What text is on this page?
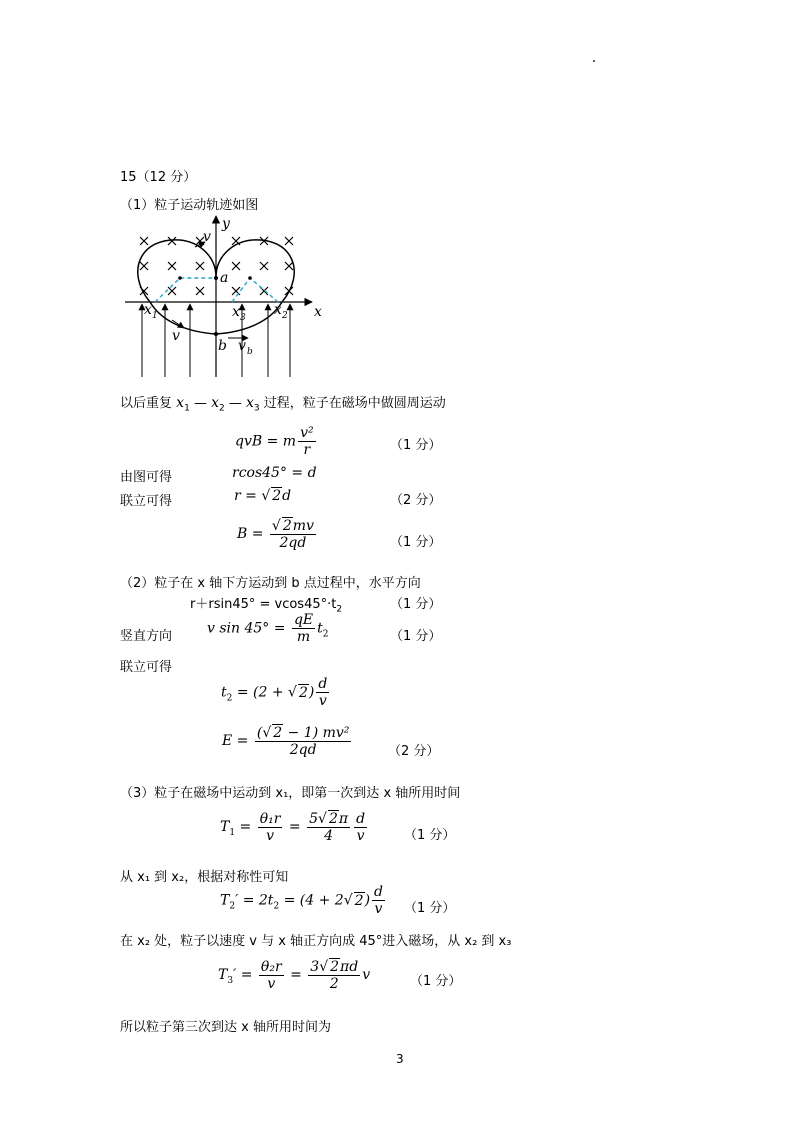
15（12 分）
（1）粒子运动轨迹如图
y
x
v
a
b v b
v
x 1	x 3 x 2
以后重复 $x_1$ — $x_2$ — $x_3$ 过程，粒子在磁场中做圆周运动
qvB = m $\frac{\text{v²}}{r}$	（1 分）
由图可得	rcos45° = d
联立可得	r = √ 2d	（2 分）
$B = \frac{√ 2mv}{2qd}$	（1 分）
（2）粒子在 x 轴下方运动到 b 点过程中，水平方向
$r+rsin45^\circ = vcos45^\circ\cdot t_2$	（1 分）
竖直方向 v $\sin 45^\circ = \frac{qE}{m} t_2$	（1 分）
联立可得
$t_2 = (2$ + √ $2) \frac{d}{v}$
$E = \frac{\text{(√ 2 − 1) mv²}}{2qd}$	（2 分）
（3）粒子在磁场中运动到 x₁，即第一次到达 x 轴所用时间
$T_1 = \frac{\text{θ₁r}}{v} = \frac{5√ 2\pi}{4} \frac{d}{v}$	（1 分）
从 x₁ 到 x₂，根据对称性可知
$T_2' = 2t_2 = (4 + 2√$ $2) \frac{d}{v} (1$ 分）
在 x₂ 处，粒子以速度 v 与 x 轴正方向成 45°进入磁场，从 x₂ 到 x₃
$T_3' = \frac{\text{θ₂r}}{v} = \frac{3√ 2\pi d}{2}$ v	（1 分）
所以粒子第三次到达 x 轴所用时间为
3
